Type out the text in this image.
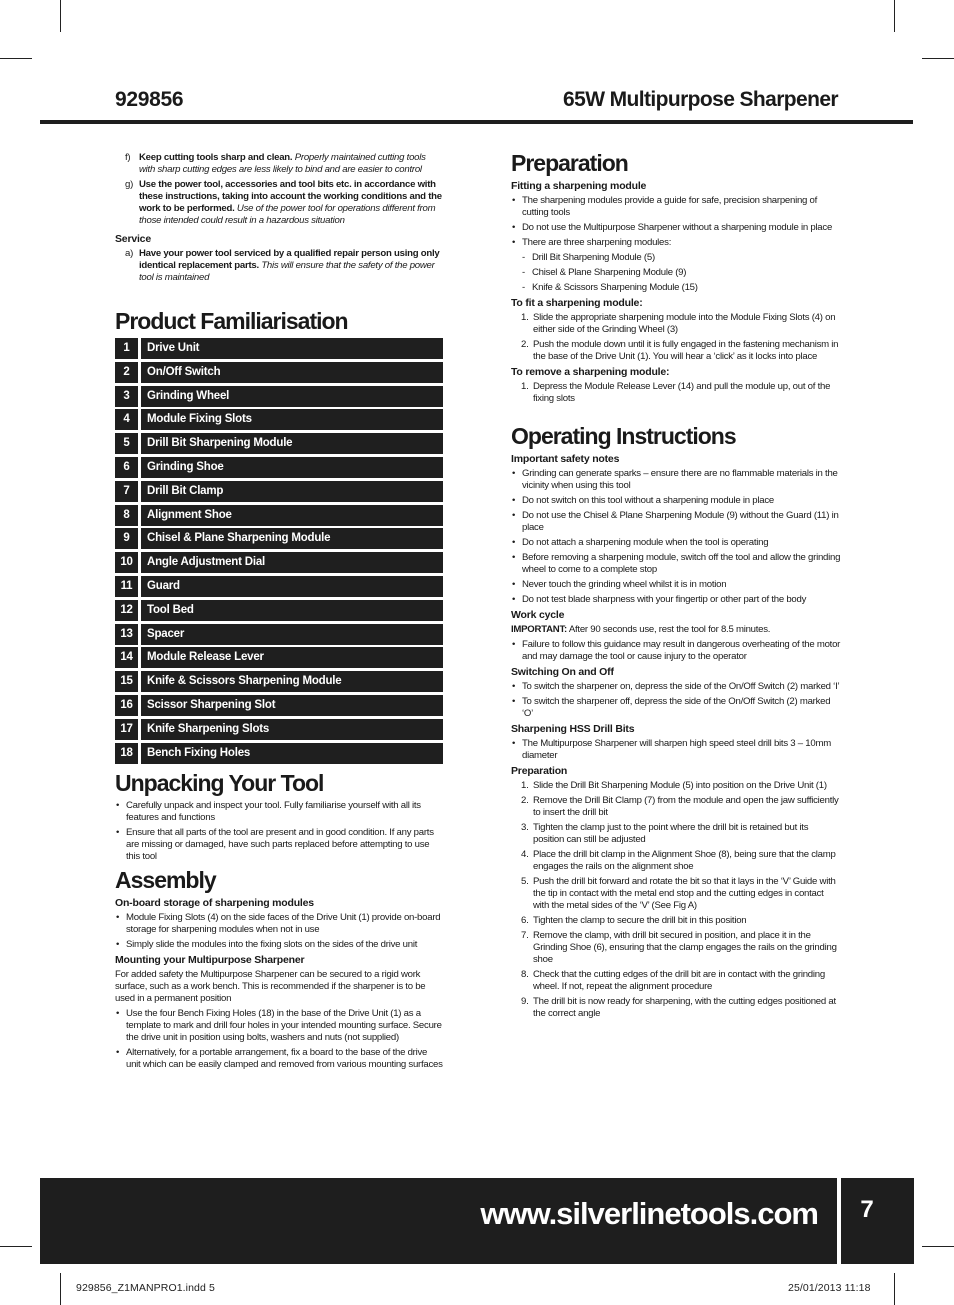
929856	65W Multipurpose Sharpener
f) Keep cutting tools sharp and clean. Properly maintained cutting tools with sharp cutting edges are less likely to bind and are easier to control
g) Use the power tool, accessories and tool bits etc. in accordance with these instructions, taking into account the working conditions and the work to be performed. Use of the power tool for operations different from those intended could result in a hazardous situation
Service
a) Have your power tool serviced by a qualified repair person using only identical replacement parts. This will ensure that the safety of the power tool is maintained
Product Familiarisation
1	Drive Unit
2	On/Off Switch
3	Grinding Wheel
4	Module Fixing Slots
5	Drill Bit Sharpening Module
6	Grinding Shoe
7	Drill Bit Clamp
8	Alignment Shoe
9	Chisel & Plane Sharpening Module
10	Angle Adjustment Dial
11	Guard
12	Tool Bed
13	Spacer
14	Module Release Lever
15	Knife & Scissors Sharpening Module
16	Scissor Sharpening Slot
17	Knife Sharpening Slots
18	Bench Fixing Holes
Unpacking Your Tool
• Carefully unpack and inspect your tool. Fully familiarise yourself with all its features and functions
• Ensure that all parts of the tool are present and in good condition. If any parts are missing or damaged, have such parts replaced before attempting to use this tool
Assembly
On-board storage of sharpening modules
• Module Fixing Slots (4) on the side faces of the Drive Unit (1) provide on-board storage for sharpening modules when not in use
• Simply slide the modules into the fixing slots on the sides of the drive unit
Mounting your Multipurpose Sharpener
For added safety the Multipurpose Sharpener can be secured to a rigid work surface, such as a work bench. This is recommended if the sharpener is to be used in a permanent position
• Use the four Bench Fixing Holes (18) in the base of the Drive Unit (1) as a template to mark and drill four holes in your intended mounting surface. Secure the drive unit in position using bolts, washers and nuts (not supplied)
• Alternatively, for a portable arrangement, fix a board to the base of the drive unit which can be easily clamped and removed from various mounting surfaces
Preparation
Fitting a sharpening module
• The sharpening modules provide a guide for safe, precision sharpening of cutting tools
• Do not use the Multipurpose Sharpener without a sharpening module in place
• There are three sharpening modules:
- Drill Bit Sharpening Module (5)
- Chisel & Plane Sharpening Module (9)
- Knife & Scissors Sharpening Module (15)
To fit a sharpening module:
1. Slide the appropriate sharpening module into the Module Fixing Slots (4) on either side of the Grinding Wheel (3)
2. Push the module down until it is fully engaged in the fastening mechanism in the base of the Drive Unit (1). You will hear a ‘click’ as it locks into place
To remove a sharpening module:
1. Depress the Module Release Lever (14) and pull the module up, out of the fixing slots
Operating Instructions
Important safety notes
• Grinding can generate sparks – ensure there are no flammable materials in the vicinity when using this tool
• Do not switch on this tool without a sharpening module in place
• Do not use the Chisel & Plane Sharpening Module (9) without the Guard (11) in place
• Do not attach a sharpening module when the tool is operating
• Before removing a sharpening module, switch off the tool and allow the grinding wheel to come to a complete stop
• Never touch the grinding wheel whilst it is in motion
• Do not test blade sharpness with your fingertip or other part of the body
Work cycle
IMPORTANT: After 90 seconds use, rest the tool for 8.5 minutes.
• Failure to follow this guidance may result in dangerous overheating of the motor and may damage the tool or cause injury to the operator
Switching On and Off
• To switch the sharpener on, depress the side of the On/Off Switch (2) marked ‘I’
• To switch the sharpener off, depress the side of the On/Off Switch (2) marked ‘O’
Sharpening HSS Drill Bits
• The Multipurpose Sharpener will sharpen high speed steel drill bits 3 – 10mm diameter
Preparation
1. Slide the Drill Bit Sharpening Module (5) into position on the Drive Unit (1)
2. Remove the Drill Bit Clamp (7) from the module and open the jaw sufficiently to insert the drill bit
3. Tighten the clamp just to the point where the drill bit is retained but its position can still be adjusted
4. Place the drill bit clamp in the Alignment Shoe (8), being sure that the clamp engages the rails on the alignment shoe
5. Push the drill bit forward and rotate the bit so that it lays in the ‘V’ Guide with the tip in contact with the metal end stop and the cutting edges in contact with the metal sides of the ‘V’ (See Fig A)
6. Tighten the clamp to secure the drill bit in this position
7. Remove the clamp, with drill bit secured in position, and place it in the Grinding Shoe (6), ensuring that the clamp engages the rails on the grinding shoe
8. Check that the cutting edges of the drill bit are in contact with the grinding wheel. If not, repeat the alignment procedure
9. The drill bit is now ready for sharpening, with the cutting edges positioned at the correct angle
www.silverlinetools.com	7
929856_Z1MANPRO1.indd 5	25/01/2013 11:18
